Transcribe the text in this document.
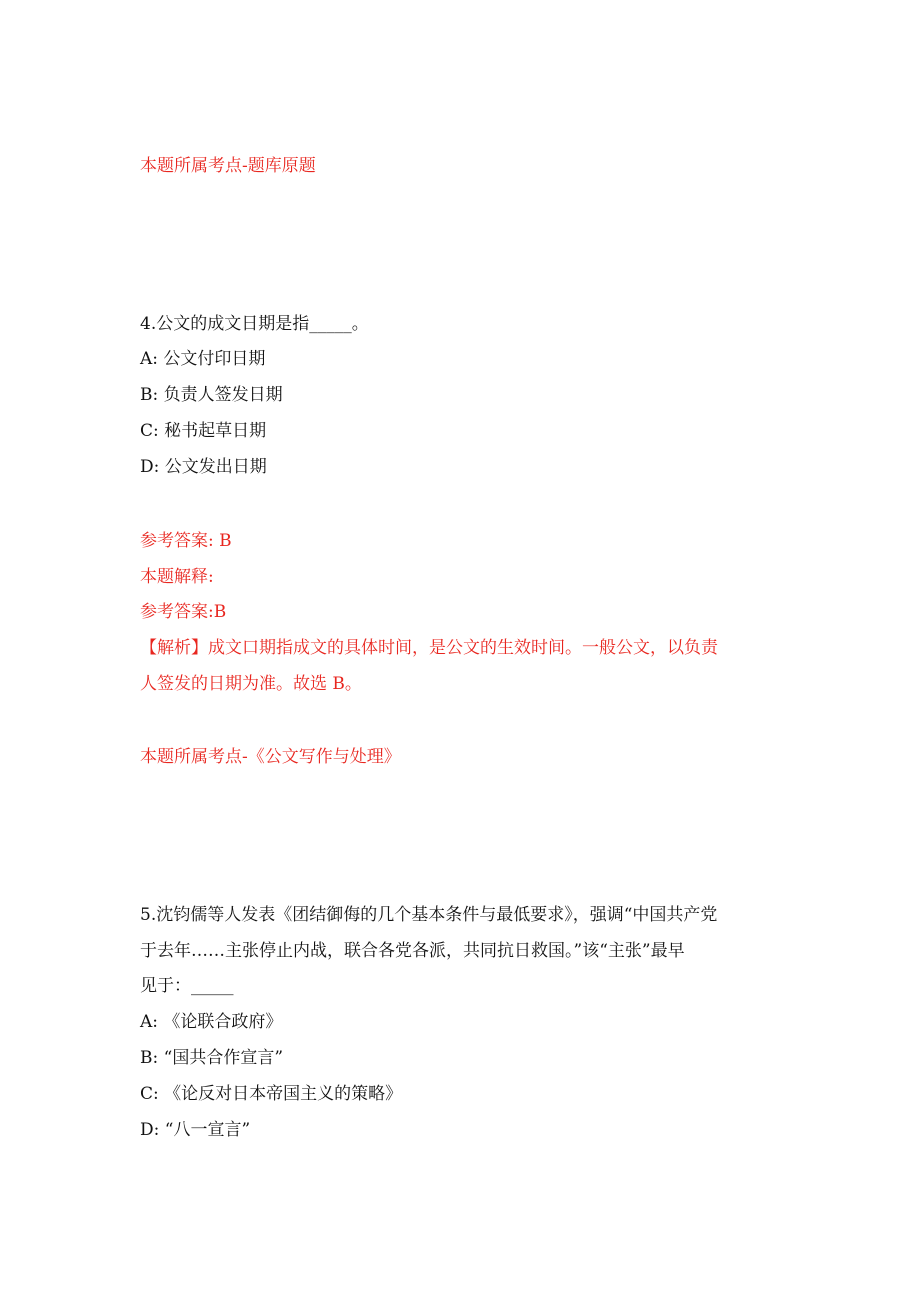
本题所属考点-题库原题
4.公文的成文日期是指_____。
A: 公文付印日期
B: 负责人签发日期
C: 秘书起草日期
D: 公文发出日期
参考答案: B
本题解释:
参考答案:B
【解析】成文口期指成文的具体时间，是公文的生效时间。一般公文，以负责
人签发的日期为准。故选 B。
本题所属考点-《公文写作与处理》
5.沈钧儒等人发表《团结御侮的几个基本条件与最低要求》，强调“中国共产党
于去年……主张停止内战，联合各党各派，共同抗日救国。”该“主张”最早
见于：_____
A: 《论联合政府》
B: “国共合作宣言”
C: 《论反对日本帝国主义的策略》
D: “八一宣言”
